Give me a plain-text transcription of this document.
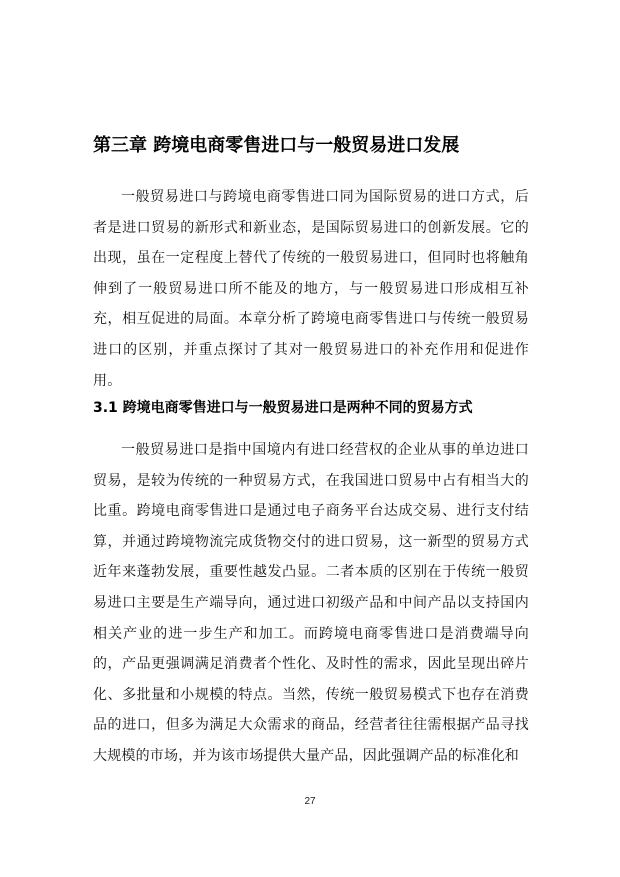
第三章 跨境电商零售进口与一般贸易进口发展

一般贸易进口与跨境电商零售进口同为国际贸易的进口方式，后者是进口贸易的新形式和新业态，是国际贸易进口的创新发展。它的出现，虽在一定程度上替代了传统的一般贸易进口，但同时也将触角伸到了一般贸易进口所不能及的地方，与一般贸易进口形成相互补充，相互促进的局面。本章分析了跨境电商零售进口与传统一般贸易进口的区别，并重点探讨了其对一般贸易进口的补充作用和促进作用。

3.1 跨境电商零售进口与一般贸易进口是两种不同的贸易方式

一般贸易进口是指中国境内有进口经营权的企业从事的单边进口贸易，是较为传统的一种贸易方式，在我国进口贸易中占有相当大的比重。跨境电商零售进口是通过电子商务平台达成交易、进行支付结算，并通过跨境物流完成货物交付的进口贸易，这一新型的贸易方式近年来蓬勃发展，重要性越发凸显。二者本质的区别在于传统一般贸易进口主要是生产端导向，通过进口初级产品和中间产品以支持国内相关产业的进一步生产和加工。而跨境电商零售进口是消费端导向的，产品更强调满足消费者个性化、及时性的需求，因此呈现出碎片化、多批量和小规模的特点。当然，传统一般贸易模式下也存在消费品的进口，但多为满足大众需求的商品，经营者往往需根据产品寻找大规模的市场，并为该市场提供大量产品，因此强调产品的标准化和

27
